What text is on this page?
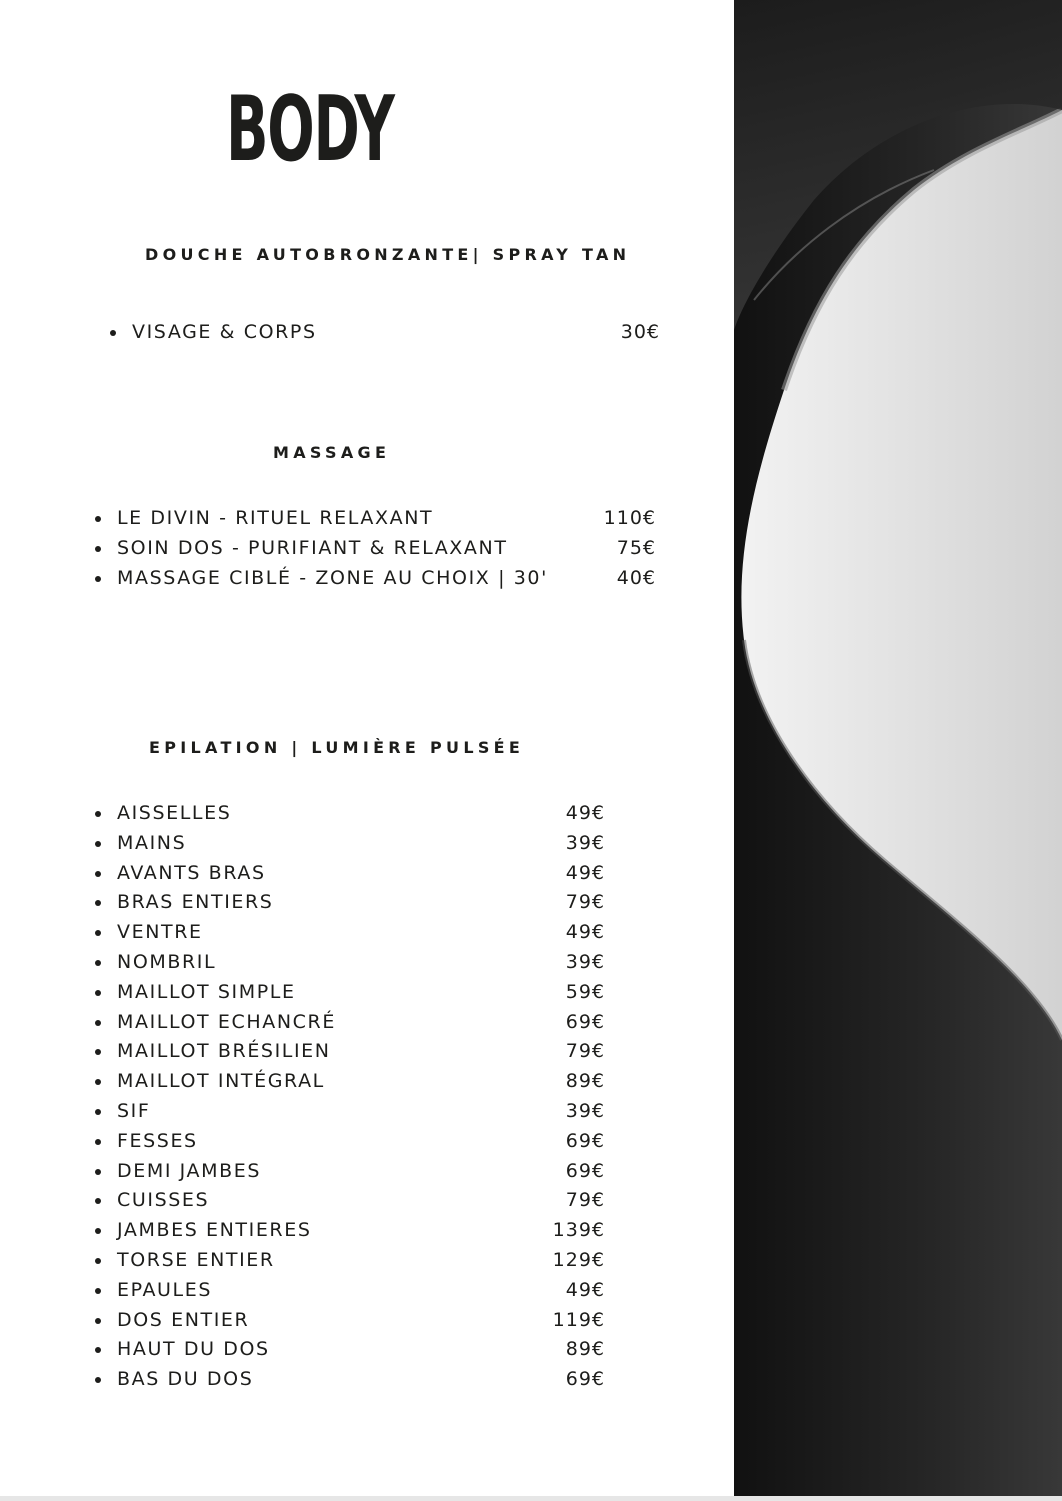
BODY
DOUCHE AUTOBRONZANTE| SPRAY TAN
VISAGE & CORPS	30€
MASSAGE
LE DIVIN - RITUEL RELAXANT	110€
SOIN DOS - PURIFIANT & RELAXANT	75€
MASSAGE CIBLÉ - ZONE AU CHOIX | 30'	40€
EPILATION | LUMIÈRE PULSÉE
AISSELLES	49€
MAINS	39€
AVANTS BRAS	49€
BRAS ENTIERS	79€
VENTRE	49€
NOMBRIL	39€
MAILLOT SIMPLE	59€
MAILLOT ECHANCRÉ	69€
MAILLOT BRÉSILIEN	79€
MAILLOT INTÉGRAL	89€
SIF	39€
FESSES	69€
DEMI JAMBES	69€
CUISSES	79€
JAMBES ENTIERES	139€
TORSE ENTIER	129€
EPAULES	49€
DOS ENTIER	119€
HAUT DU DOS	89€
BAS DU DOS	69€
